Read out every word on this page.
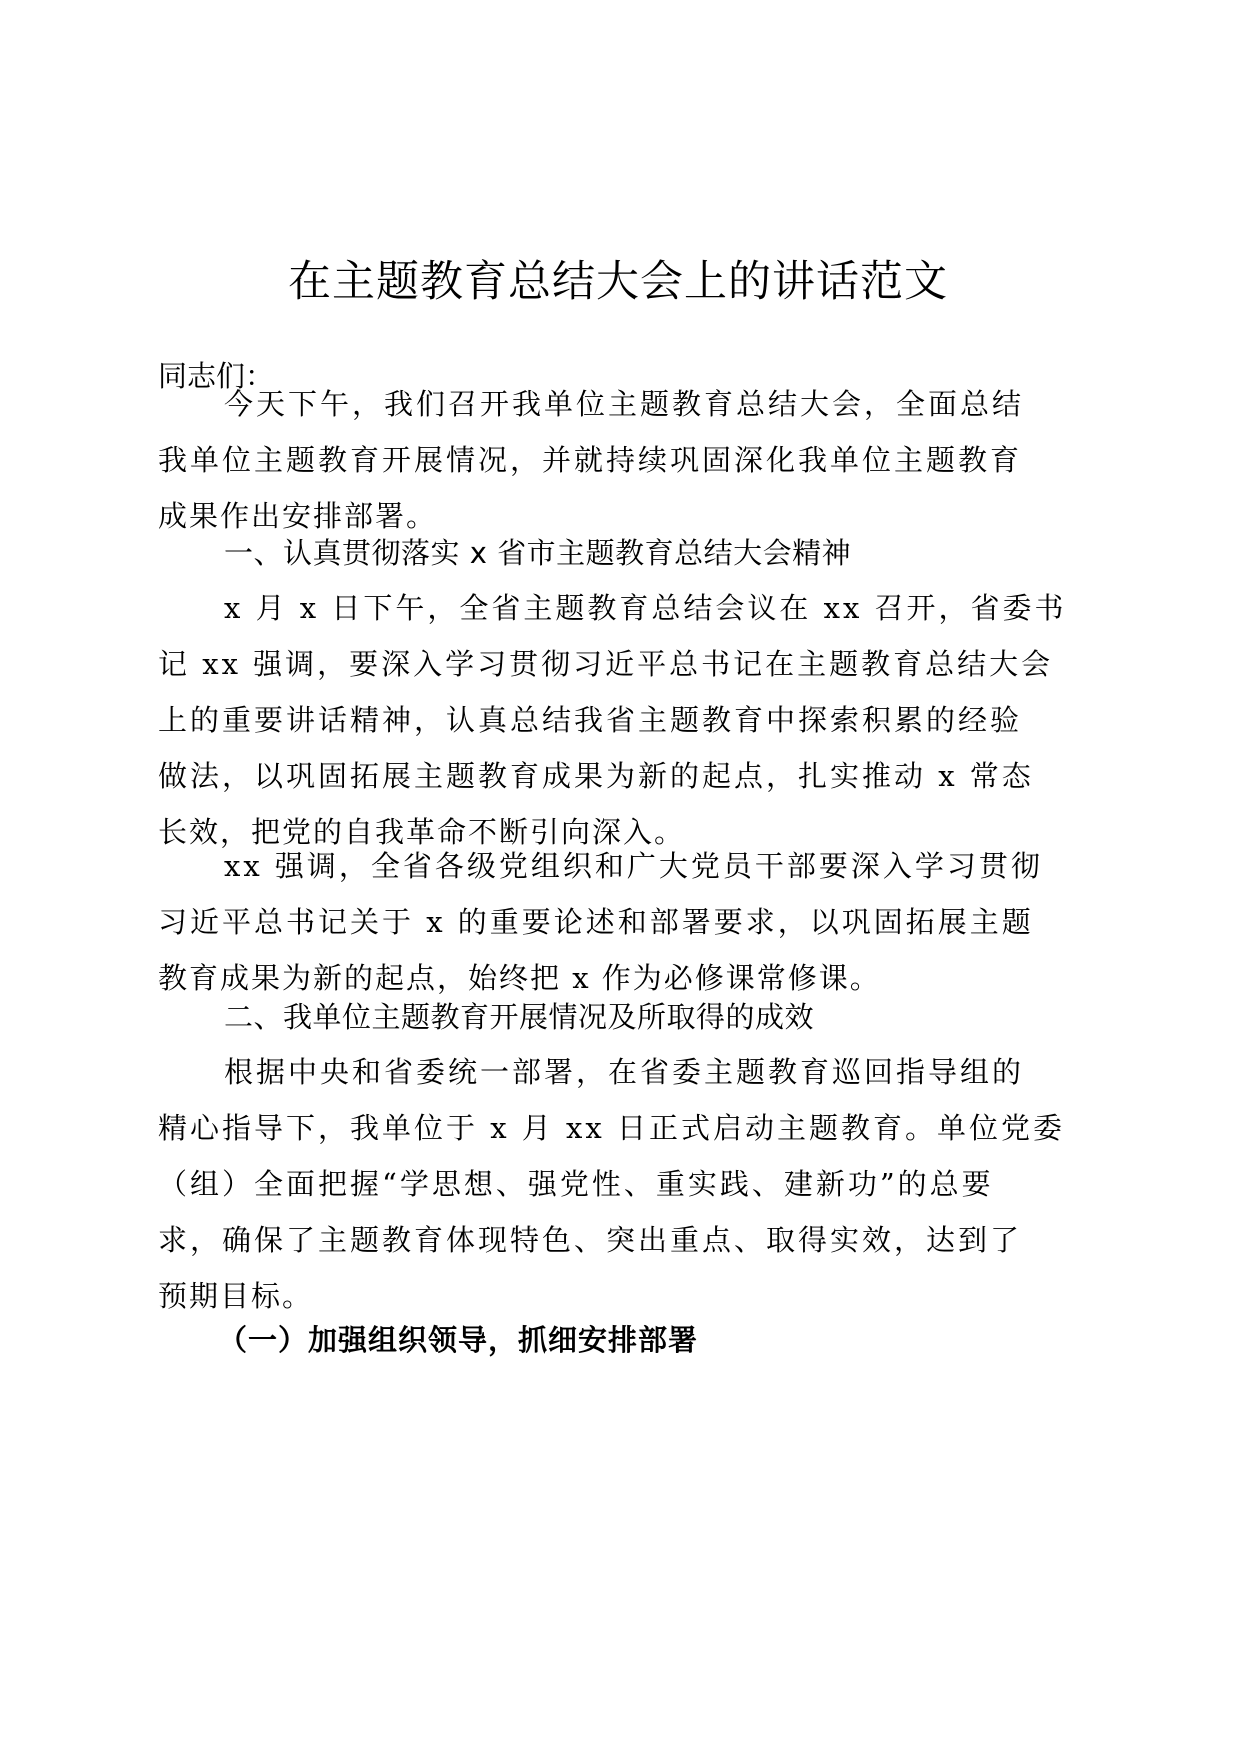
在主题教育总结大会上的讲话范文
同志们：
今天下午，我们召开我单位主题教育总结大会，全面总结
我单位主题教育开展情况，并就持续巩固深化我单位主题教育
成果作出安排部署。
一、认真贯彻落实 x 省市主题教育总结大会精神
x 月 x 日下午，全省主题教育总结会议在 xx 召开，省委书
记 xx 强调，要深入学习贯彻习近平总书记在主题教育总结大会
上的重要讲话精神，认真总结我省主题教育中探索积累的经验
做法，以巩固拓展主题教育成果为新的起点，扎实推动 x 常态
长效，把党的自我革命不断引向深入。
xx 强调，全省各级党组织和广大党员干部要深入学习贯彻
习近平总书记关于 x 的重要论述和部署要求，以巩固拓展主题
教育成果为新的起点，始终把 x 作为必修课常修课。
二、我单位主题教育开展情况及所取得的成效
根据中央和省委统一部署，在省委主题教育巡回指导组的
精心指导下，我单位于 x 月 xx 日正式启动主题教育。单位党委
（组）全面把握“学思想、强党性、重实践、建新功”的总要
求，确保了主题教育体现特色、突出重点、取得实效，达到了
预期目标。
（一）加强组织领导，抓细安排部署
